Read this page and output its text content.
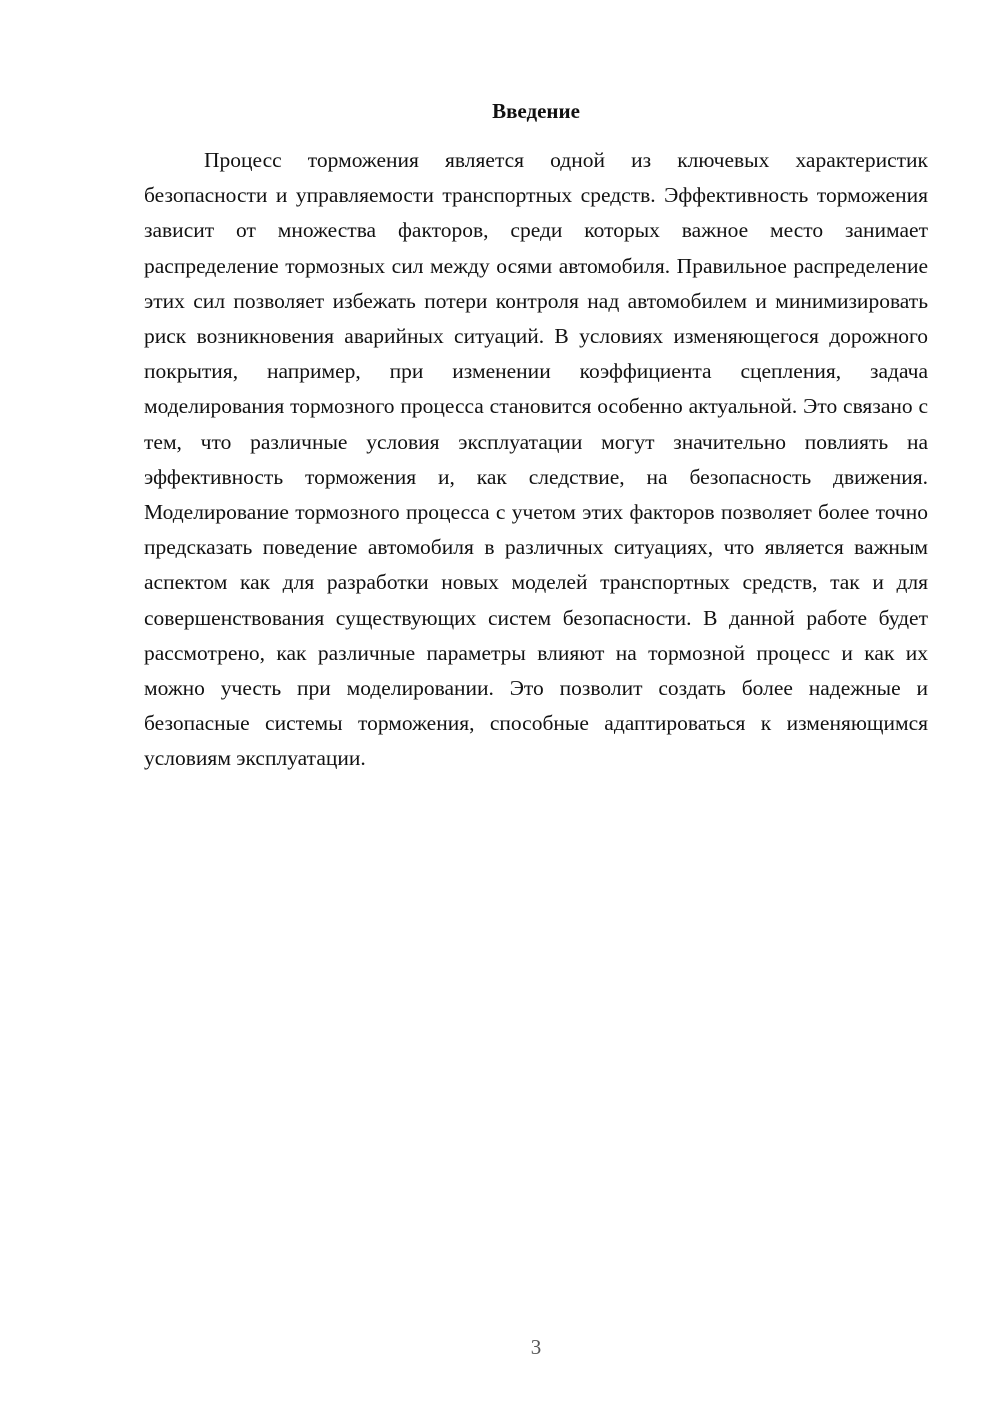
Введение

Процесс торможения является одной из ключевых характеристик безопасности и управляемости транспортных средств. Эффективность торможения зависит от множества факторов, среди которых важное место занимает распределение тормозных сил между осями автомобиля. Правильное распределение этих сил позволяет избежать потери контроля над автомобилем и минимизировать риск возникновения аварийных ситуаций. В условиях изменяющегося дорожного покрытия, например, при изменении коэффициента сцепления, задача моделирования тормозного процесса становится особенно актуальной. Это связано с тем, что различные условия эксплуатации могут значительно повлиять на эффективность торможения и, как следствие, на безопасность движения. Моделирование тормозного процесса с учетом этих факторов позволяет более точно предсказать поведение автомобиля в различных ситуациях, что является важным аспектом как для разработки новых моделей транспортных средств, так и для совершенствования существующих систем безопасности. В данной работе будет рассмотрено, как различные параметры влияют на тормозной процесс и как их можно учесть при моделировании. Это позволит создать более надежные и безопасные системы торможения, способные адаптироваться к изменяющимся условиям эксплуатации.

3
